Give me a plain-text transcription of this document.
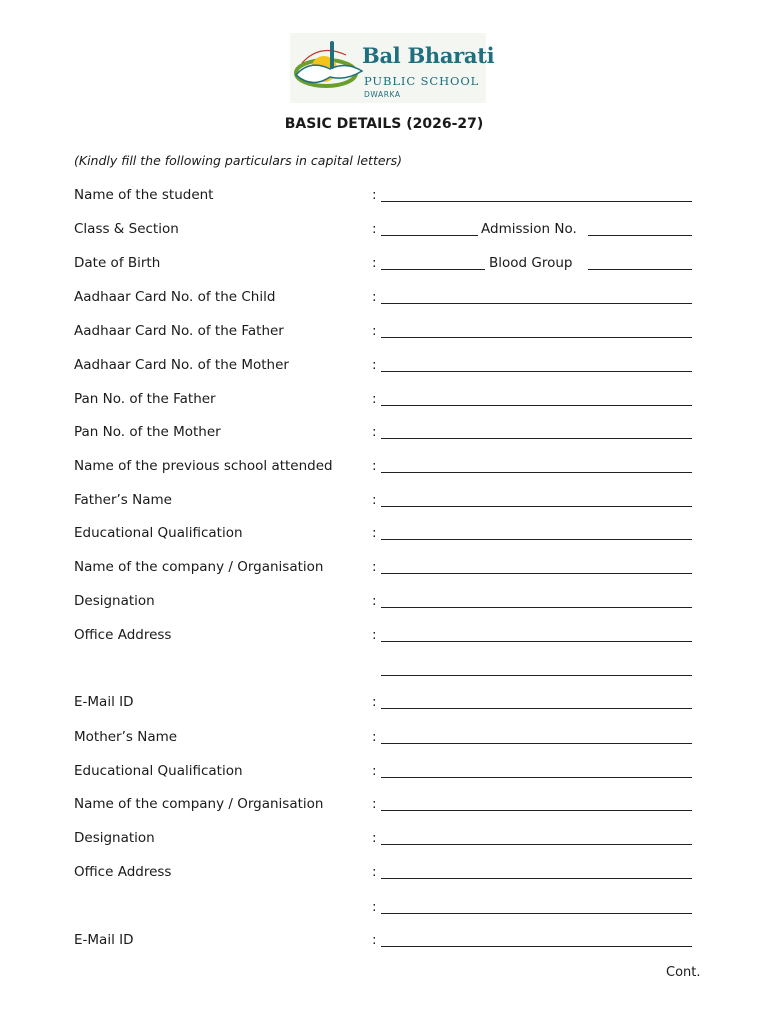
Bal Bharati
PUBLIC SCHOOL
DWARKA
BASIC DETAILS (2026-27)
(Kindly fill the following particulars in capital letters)
Name of the student	:
Class & Section	:	Admission No.
Date of Birth	:	Blood Group
Aadhaar Card No. of the Child	:
Aadhaar Card No. of the Father	:
Aadhaar Card No. of the Mother	:
Pan No. of the Father	:
Pan No. of the Mother	:
Name of the previous school attended	:
Father’s Name	:
Educational Qualification	:
Name of the company / Organisation	:
Designation	:
Office Address	:
E-Mail ID	:
Mother’s Name	:
Educational Qualification	:
Name of the company / Organisation	:
Designation	:
Office Address	:
:
E-Mail ID	:
Cont.
